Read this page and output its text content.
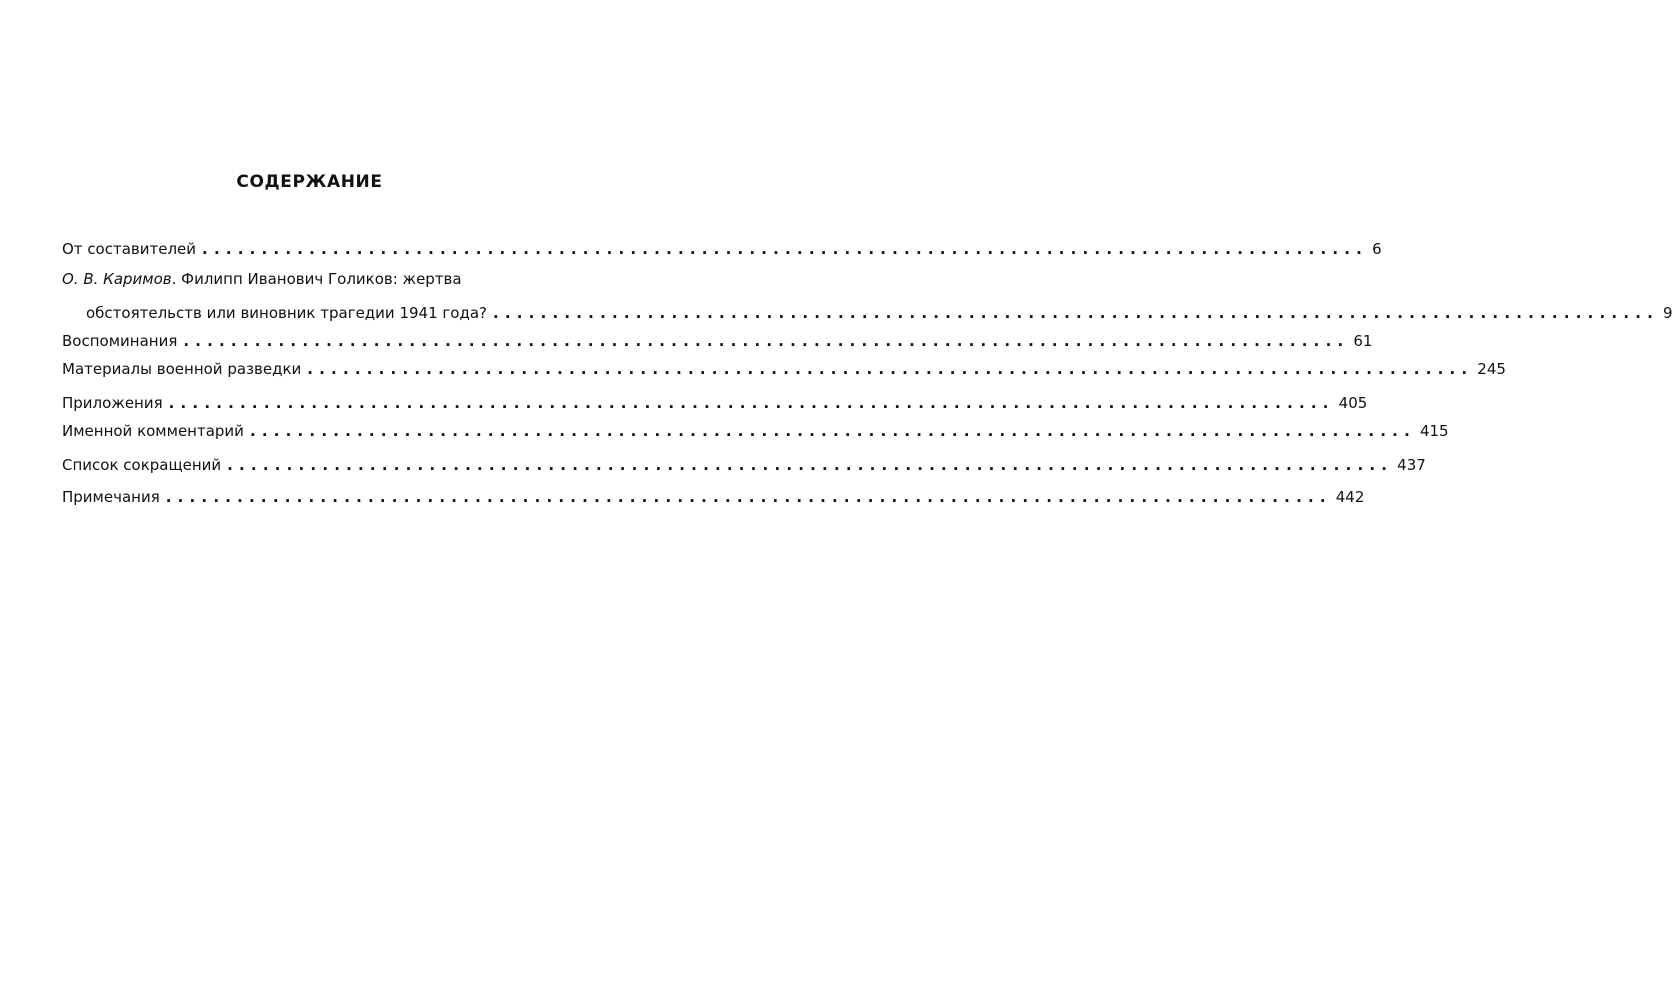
СОДЕРЖАНИЕ
От составителей .................................................................................................. 6
О. В. Каримов. Филипп Иванович Голиков: жертва
обстоятельств или виновник трагедии 1941 года? .................................................................................................. 9
Воспоминания .................................................................................................. 61
Материалы военной разведки .................................................................................................. 245
Приложения .................................................................................................. 405
Именной комментарий .................................................................................................. 415
Список сокращений .................................................................................................. 437
Примечания .................................................................................................. 442
